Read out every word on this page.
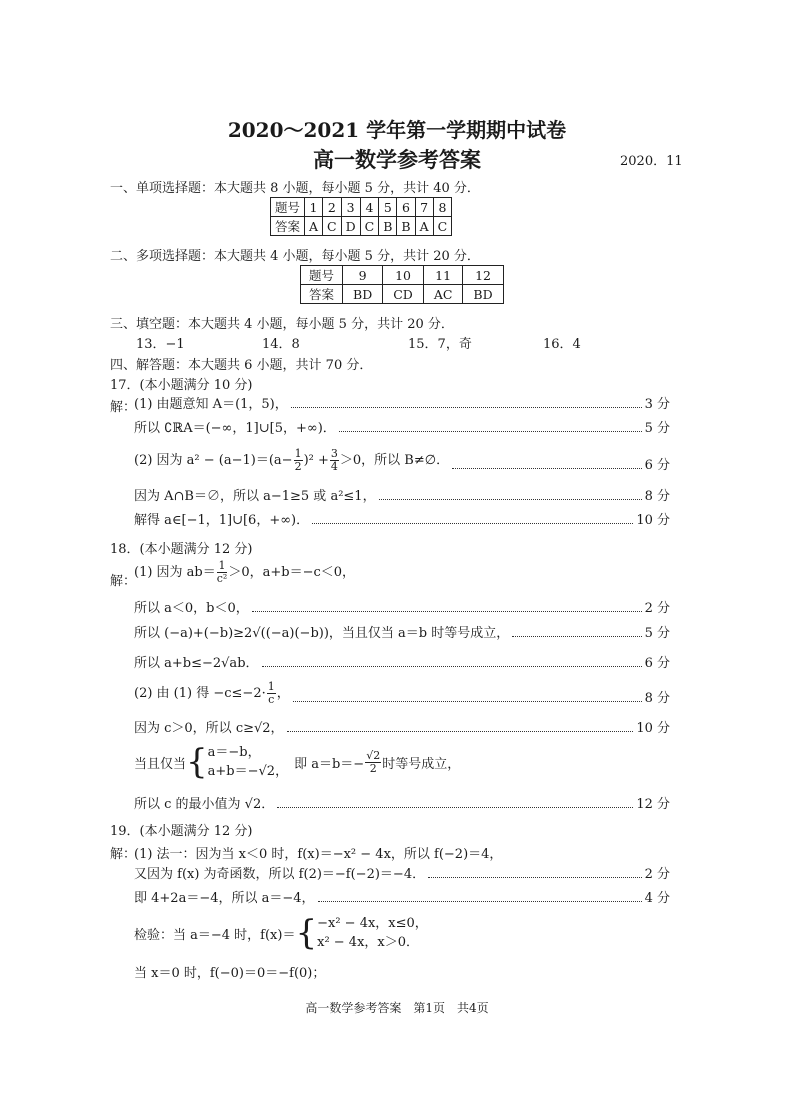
2020～2021 学年第一学期期中试卷
高一数学参考答案	2020．11
一、单项选择题：本大题共 8 小题，每小题 5 分，共计 40 分．
题号	1	2	3	4	5	6	7	8
答案	A	C	D	C	B	B	A	C
二、多项选择题：本大题共 4 小题，每小题 5 分，共计 20 分．
题号	9	10	11	12
答案	BD	CD	AC	BD
三、填空题：本大题共 4 小题，每小题 5 分，共计 20 分．
13．−1	14．8	15．7，奇	16．4
四、解答题：本大题共 6 小题，共计 70 分．
17．(本小题满分 10 分)
解：
(1) 由题意知 A＝(1，5)，	3 分
所以 ∁ℝA＝(−∞，1]∪[5，+∞)．	5 分
(2) 因为 $a^2 - (a-1)=(a- \frac{1}{2} )^2 + \frac{3}{4} >0$，所以 B≠∅．	6 分
因为 A∩B＝∅，所以 a−1≥5 或 a²≤1，	8 分
解得 a∈[−1，1]∪[6，+∞)．	10 分
18．(本小题满分 12 分)
解：
(1) 因为 $ab= \frac{1}{\text{c²}} >0$，a+b＝−c＜0，
所以 a＜0，b＜0，	2 分
所以 (−a)+(−b)≥2√((−a)(−b))，当且仅当 a＝b 时等号成立，	5 分
所以 a+b≤−2√ab．	6 分
(2) 由 (1) 得 $-c\le-2\cdot \frac{1}{c}$ ，	8 分
因为 c＞0，所以 c≥√2，	10 分
当且仅当 { a＝−b，
a+b＝−√2， 即 $a=b=- \frac{√2}{2}$ 时等号成立，
所以 c 的最小值为 √2．	12 分
19．(本小题满分 12 分)
解：
(1) 法一：因为当 x＜0 时，f(x)＝−x² − 4x，所以 f(−2)＝4，
又因为 f(x) 为奇函数，所以 f(2)＝−f(−2)＝−4．	2 分
即 4+2a＝−4，所以 a＝−4，	4 分
检验：当 a＝−4 时，f(x)＝ { −x² − 4x，x≤0，
x² − 4x，x＞0．
当 x＝0 时，f(−0)＝0＝−f(0)；
高一数学参考答案　第1页　共4页
